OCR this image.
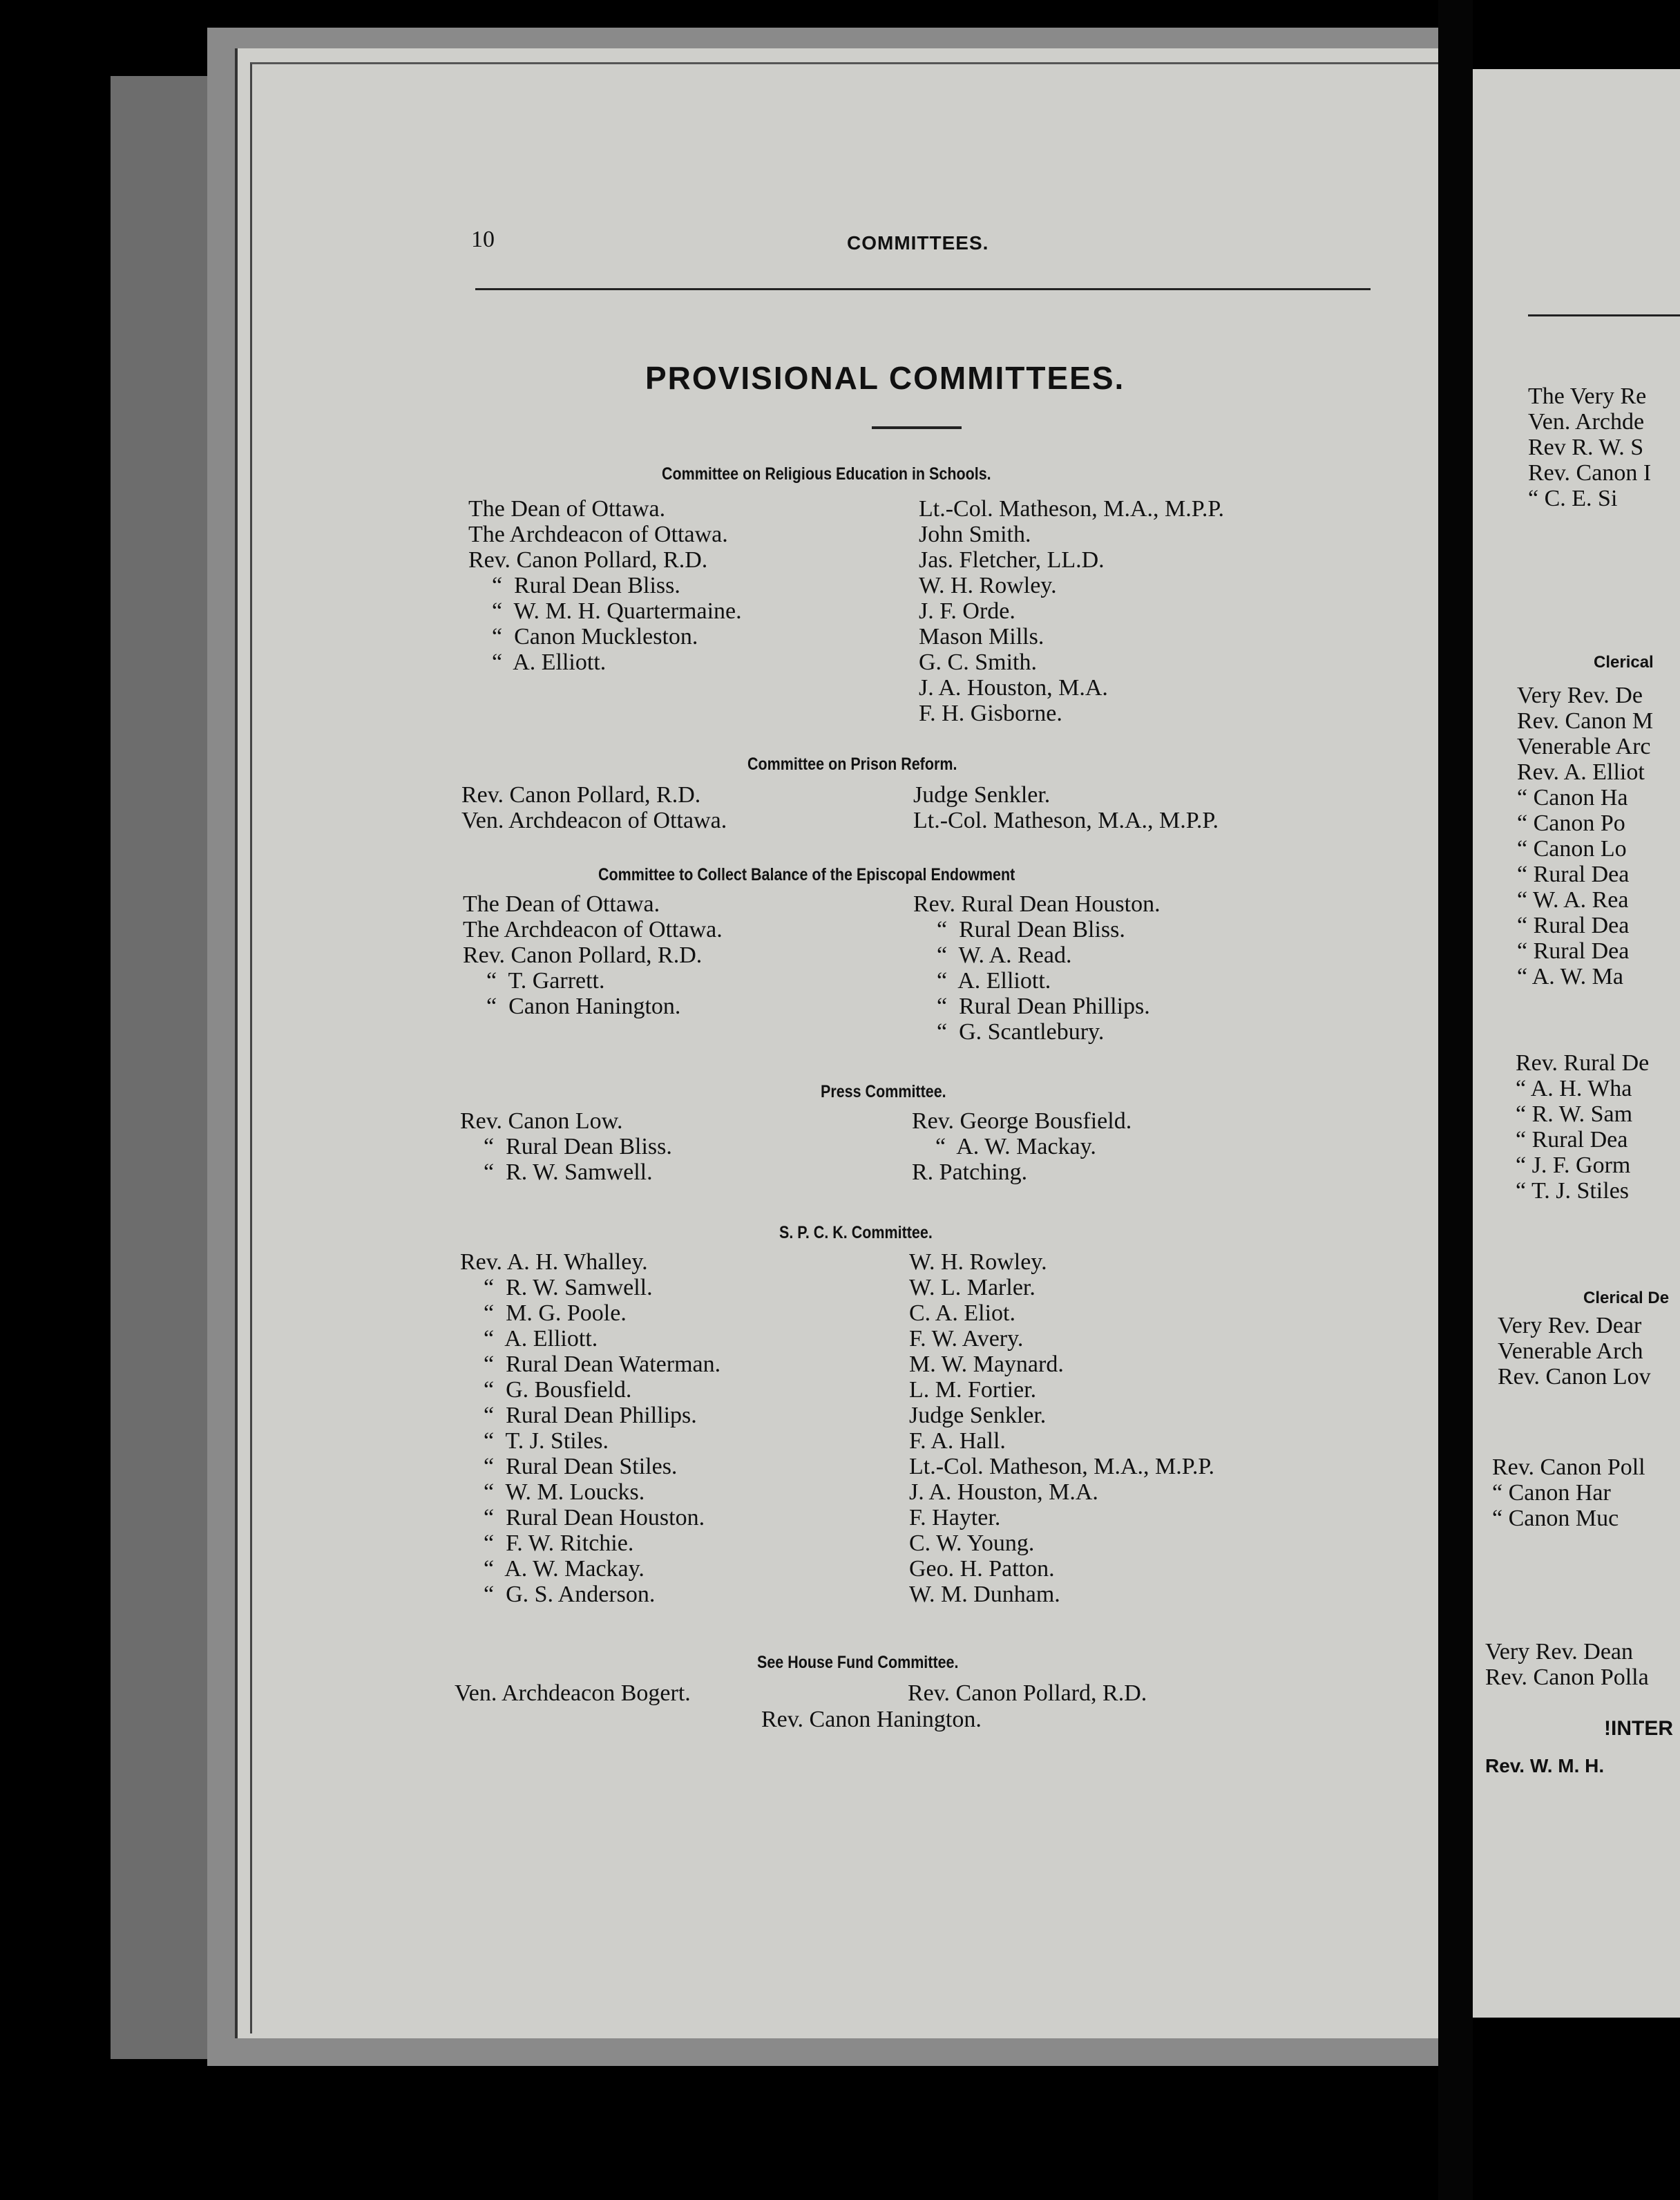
The Very Re
Ven. Archde
Rev R. W. S
Rev. Canon I
“ C. E. Si
Clerical
Very Rev. De
Rev. Canon M
Venerable Arc
Rev. A. Elliot
“ Canon Ha
“ Canon Po
“ Canon Lo
“ Rural Dea
“ W. A. Rea
“ Rural Dea
“ Rural Dea
“ A. W. Ma
Rev. Rural De
“ A. H. Wha
“ R. W. Sam
“ Rural Dea
“ J. F. Gorm
“ T. J. Stiles
Clerical De
Very Rev. Dear
Venerable Arch
Rev. Canon Lov
Rev. Canon Poll
“ Canon Har
“ Canon Muc
Very Rev. Dean
Rev. Canon Polla
!INTER
Rev. W. M. H.
10	COMMITTEES.
PROVISIONAL COMMITTEES.
Committee on Religious Education in Schools.
The Dean of Ottawa.
The Archdeacon of Ottawa.
Rev. Canon Pollard, R.D.
“  Rural Dean Bliss.
“  W. M. H. Quartermaine.
“  Canon Muckleston.
“  A. Elliott.
Lt.-Col. Matheson, M.A., M.P.P.
John Smith.
Jas. Fletcher, LL.D.
W. H. Rowley.
J. F. Orde.
Mason Mills.
G. C. Smith.
J. A. Houston, M.A.
F. H. Gisborne.
Committee on Prison Reform.
Rev. Canon Pollard, R.D.
Ven. Archdeacon of Ottawa.
Judge Senkler.
Lt.-Col. Matheson, M.A., M.P.P.
Committee to Collect Balance of the Episcopal Endowment
The Dean of Ottawa.
The Archdeacon of Ottawa.
Rev. Canon Pollard, R.D.
“  T. Garrett.
“  Canon Hanington.
Rev. Rural Dean Houston.
“  Rural Dean Bliss.
“  W. A. Read.
“  A. Elliott.
“  Rural Dean Phillips.
“  G. Scantlebury.
Press Committee.
Rev. Canon Low.
“  Rural Dean Bliss.
“  R. W. Samwell.
Rev. George Bousfield.
“  A. W. Mackay.
R. Patching.
S. P. C. K. Committee.
Rev. A. H. Whalley.
“  R. W. Samwell.
“  M. G. Poole.
“  A. Elliott.
“  Rural Dean Waterman.
“  G. Bousfield.
“  Rural Dean Phillips.
“  T. J. Stiles.
“  Rural Dean Stiles.
“  W. M. Loucks.
“  Rural Dean Houston.
“  F. W. Ritchie.
“  A. W. Mackay.
“  G. S. Anderson.
W. H. Rowley.
W. L. Marler.
C. A. Eliot.
F. W. Avery.
M. W. Maynard.
L. M. Fortier.
Judge Senkler.
F. A. Hall.
Lt.-Col. Matheson, M.A., M.P.P.
J. A. Houston, M.A.
F. Hayter.
C. W. Young.
Geo. H. Patton.
W. M. Dunham.
See House Fund Committee.
Ven. Archdeacon Bogert.	Rev. Canon Pollard, R.D.
Rev. Canon Hanington.
